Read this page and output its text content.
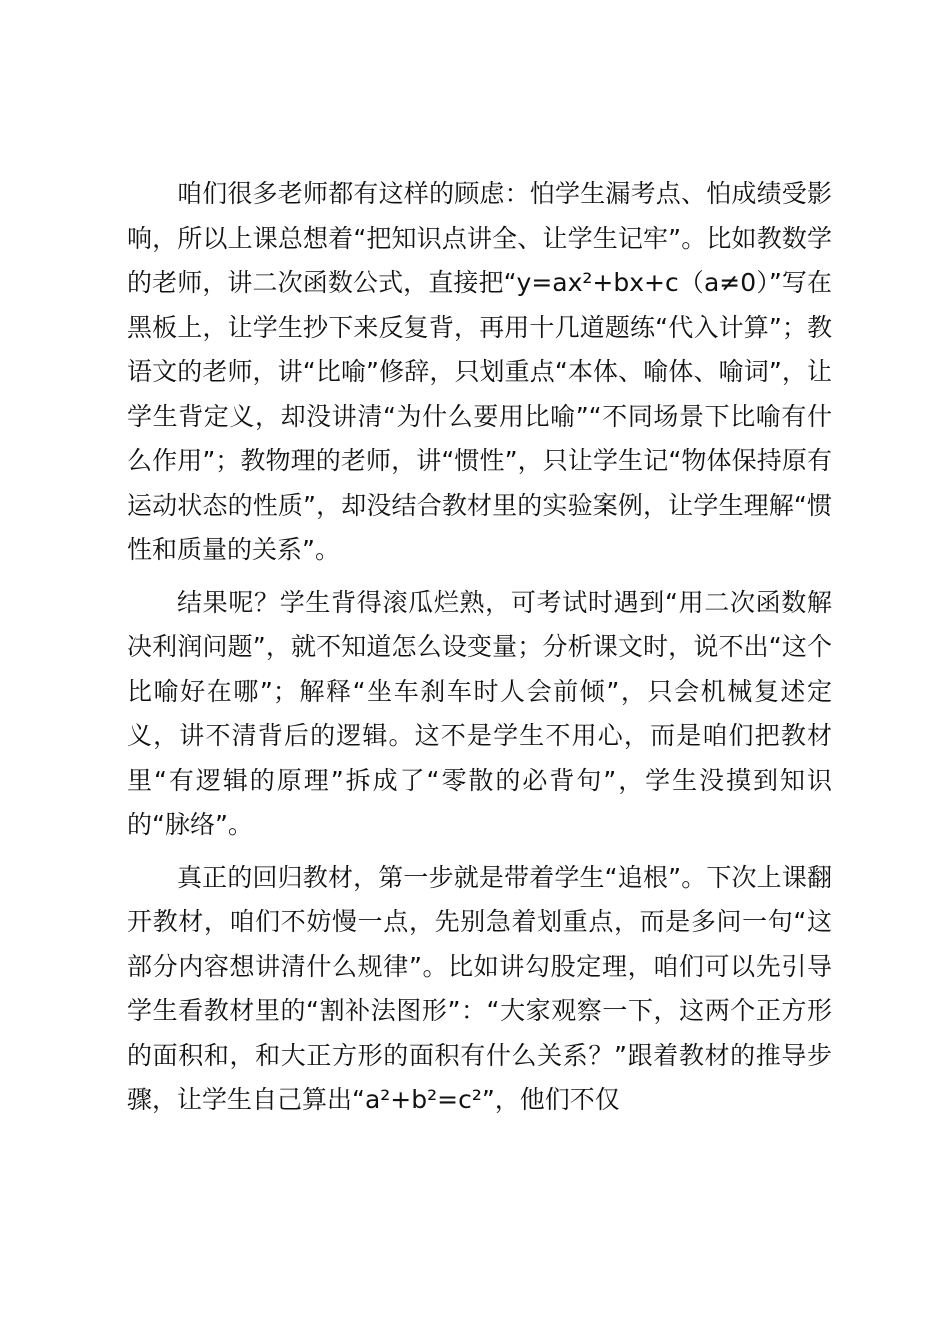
咱们很多老师都有这样的顾虑：怕学生漏考点、怕成绩受影响，所以上课总想着“把知识点讲全、让学生记牢”。比如教数学的老师，讲二次函数公式，直接把“y=ax²+bx+c（a≠0）”写在黑板上，让学生抄下来反复背，再用十几道题练“代入计算”；教语文的老师，讲“比喻”修辞，只划重点“本体、喻体、喻词”，让学生背定义，却没讲清“为什么要用比喻”“不同场景下比喻有什么作用”；教物理的老师，讲“惯性”，只让学生记“物体保持原有运动状态的性质”，却没结合教材里的实验案例，让学生理解“惯性和质量的关系”。

结果呢？学生背得滚瓜烂熟，可考试时遇到“用二次函数解决利润问题”，就不知道怎么设变量；分析课文时，说不出“这个比喻好在哪”；解释“坐车刹车时人会前倾”，只会机械复述定义，讲不清背后的逻辑。这不是学生不用心，而是咱们把教材里“有逻辑的原理”拆成了“零散的必背句”，学生没摸到知识的“脉络”。

真正的回归教材，第一步就是带着学生“追根”。下次上课翻开教材，咱们不妨慢一点，先别急着划重点，而是多问一句“这部分内容想讲清什么规律”。比如讲勾股定理，咱们可以先引导学生看教材里的“割补法图形”：“大家观察一下，这两个正方形的面积和，和大正方形的面积有什么关系？”跟着教材的推导步骤，让学生自己算出“a²+b²=c²”，他们不仅
